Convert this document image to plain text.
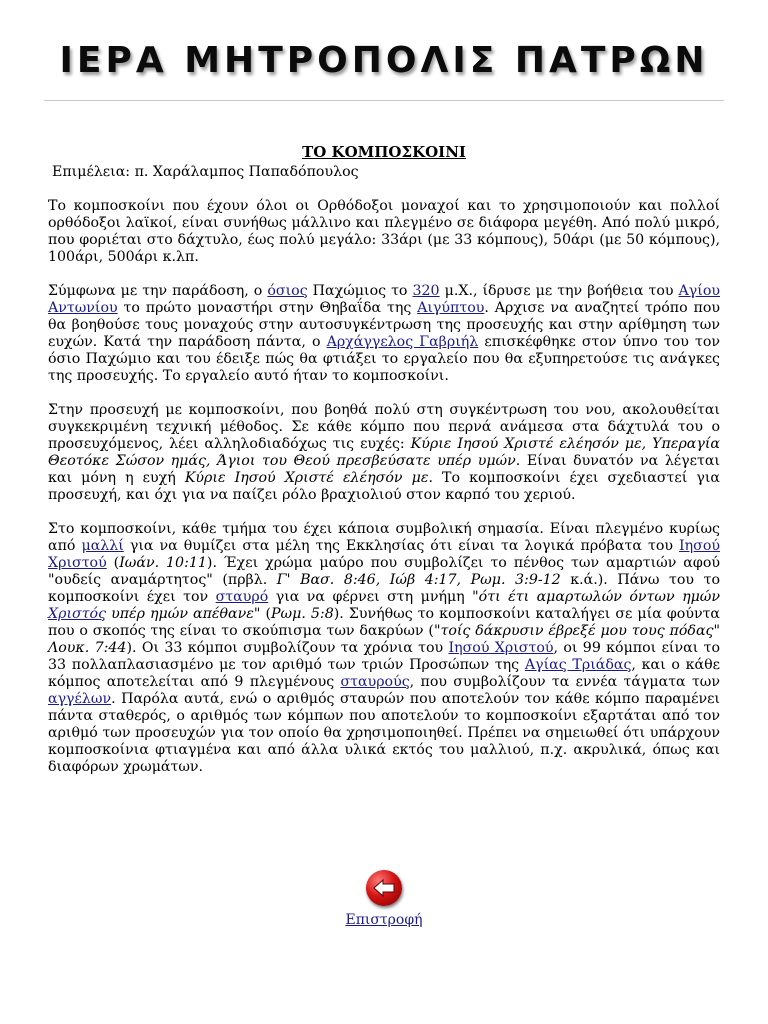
ΙΕΡΑ ΜΗΤΡΟΠΟΛΙΣ ΠΑΤΡΩΝ
ΤΟ ΚΟΜΠΟΣΚΟΙΝΙ
Επιμέλεια: π. Χαράλαμπος Παπαδόπουλος

Το κομποσκοίνι που έχουν όλοι οι Ορθόδοξοι μοναχοί και το χρησιμοποιούν και πολλοί ορθόδοξοι λαϊκοί, είναι συνήθως μάλλινο και πλεγμένο σε διάφορα μεγέθη. Από πολύ μικρό, που φοριέται στο δάχτυλο, έως πολύ μεγάλο: 33άρι (με 33 κόμπους), 50άρι (με 50 κόμπους), 100άρι, 500άρι κ.λπ.

Σύμφωνα με την παράδοση, ο όσιος Παχώμιος το 320 μ.Χ., ίδρυσε με την βοήθεια του Αγίου Αντωνίου το πρώτο μοναστήρι στην Θηβαΐδα της Αιγύπτου. Αρχισε να αναζητεί τρόπο που θα βοηθούσε τους μοναχούς στην αυτοσυγκέντρωση της προσευχής και στην αρίθμηση των ευχών. Κατά την παράδοση πάντα, ο Αρχάγγελος Γαβριήλ επισκέφθηκε στον ύπνο του τον όσιο Παχώμιο και του έδειξε πώς θα φτιάξει το εργαλείο που θα εξυπηρετούσε τις ανάγκες της προσευχής. Το εργαλείο αυτό ήταν το κομποσκοίνι.

Στην προσευχή με κομποσκοίνι, που βοηθά πολύ στη συγκέντρωση του νου, ακολουθείται συγκεκριμένη τεχνική μέθοδος. Σε κάθε κόμπο που περνά ανάμεσα στα δάχτυλά του ο προσευχόμενος, λέει αλληλοδιαδόχως τις ευχές: Κύριε Ιησού Χριστέ ελέησόν με, Υπεραγία Θεοτόκε Σώσον ημάς, Άγιοι του Θεού πρεσβεύσατε υπέρ υμών. Είναι δυνατόν να λέγεται και μόνη η ευχή Κύριε Ιησού Χριστέ ελέησόν με. Το κομποσκοίνι έχει σχεδιαστεί για προσευχή, και όχι για να παίζει ρόλο βραχιολιού στον καρπό του χεριού.

Στο κομποσκοίνι, κάθε τμήμα του έχει κάποια συμβολική σημασία. Είναι πλεγμένο κυρίως από μαλλί για να θυμίζει στα μέλη της Εκκλησίας ότι είναι τα λογικά πρόβατα του Ιησού Χριστού (Ιωάν. 10:11). Έχει χρώμα μαύρο που συμβολίζει το πένθος των αμαρτιών αφού "ουδείς αναμάρτητος" (πρβλ. Γ' Βασ. 8:46, Ιώβ 4:17, Ρωμ. 3:9-12 κ.ά.). Πάνω του το κομποσκοίνι έχει τον σταυρό για να φέρνει στη μνήμη "ότι έτι αμαρτωλών όντων ημών Χριστός υπέρ ημών απέθανε" (Ρωμ. 5:8). Συνήθως το κομποσκοίνι καταλήγει σε μία φούντα που ο σκοπός της είναι το σκούπισμα των δακρύων ("τοίς δάκρυσιν έβρεξέ μου τους πόδας" Λουκ. 7:44). Οι 33 κόμποι συμβολίζουν τα χρόνια του Ιησού Χριστού, οι 99 κόμποι είναι το 33 πολλαπλασιασμένο με τον αριθμό των τριών Προσώπων της Αγίας Τριάδας, και ο κάθε κόμπος αποτελείται από 9 πλεγμένους σταυρούς, που συμβολίζουν τα εννέα τάγματα των αγγέλων. Παρόλα αυτά, ενώ ο αριθμός σταυρών που αποτελούν τον κάθε κόμπο παραμένει πάντα σταθερός, ο αριθμός των κόμπων που αποτελούν το κομποσκοίνι εξαρτάται από τον αριθμό των προσευχών για τον οποίο θα χρησιμοποιηθεί. Πρέπει να σημειωθεί ότι υπάρχουν κομποσκοίνια φτιαγμένα και από άλλα υλικά εκτός του μαλλιού, π.χ. ακρυλικά, όπως και διαφόρων χρωμάτων.

Επιστροφή
